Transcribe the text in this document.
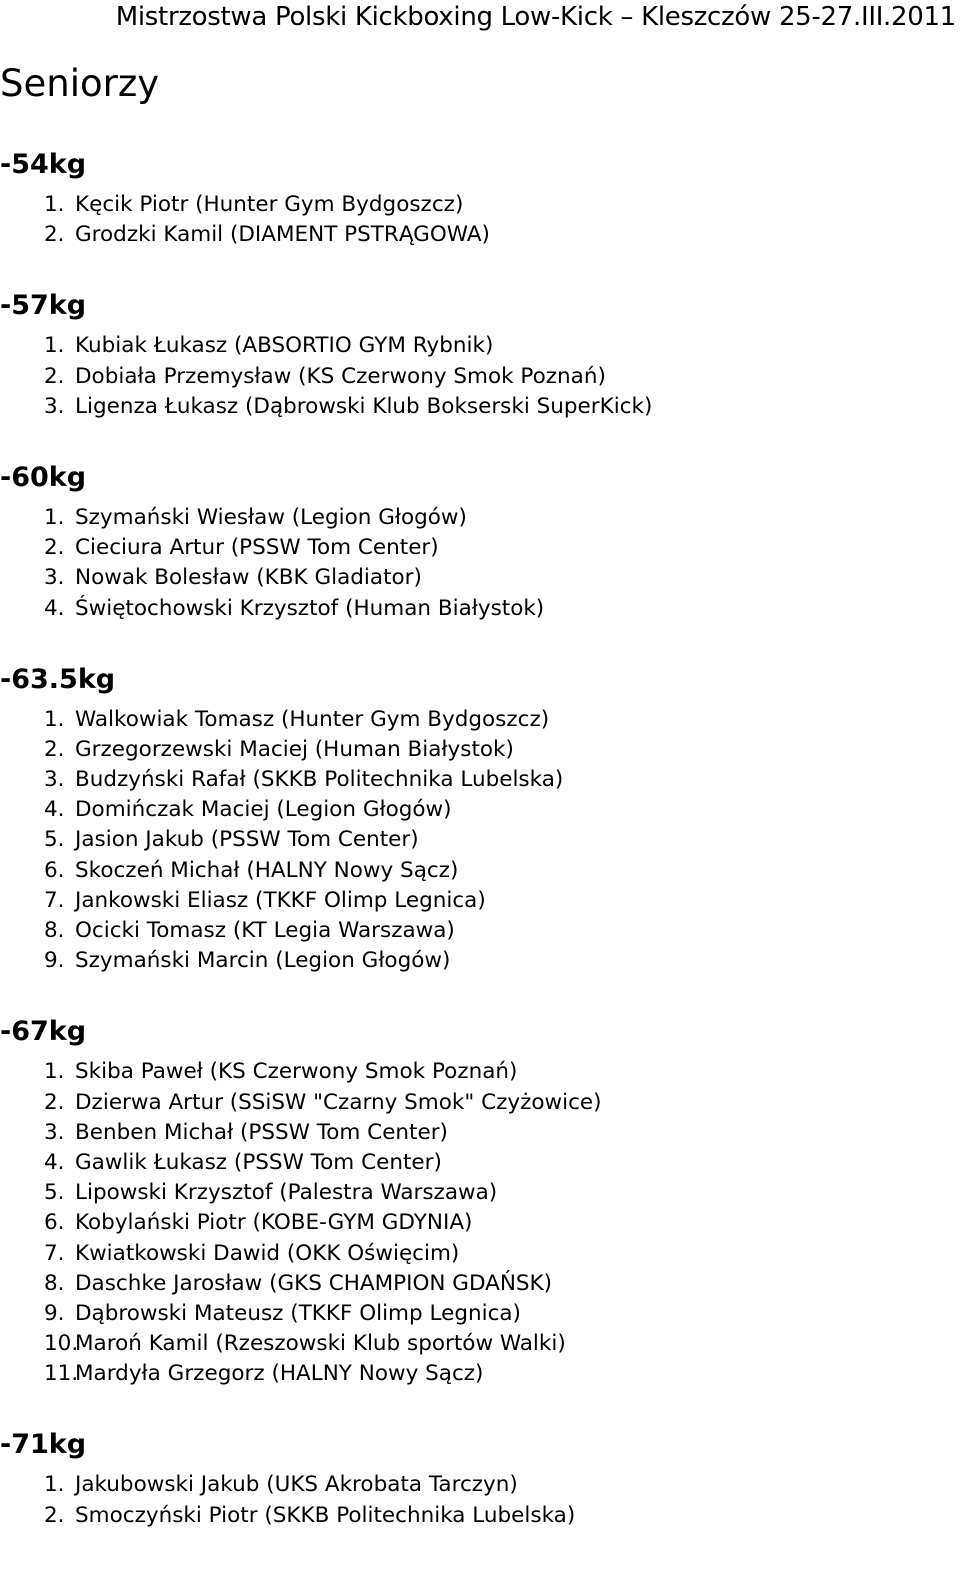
Mistrzostwa Polski Kickboxing Low-Kick – Kleszczów 25-27.III.2011
Seniorzy
-54kg
1. Kęcik Piotr (Hunter Gym Bydgoszcz)
2. Grodzki Kamil (DIAMENT PSTRĄGOWA)
-57kg
1. Kubiak Łukasz (ABSORTIO GYM Rybnik)
2. Dobiała Przemysław (KS Czerwony Smok Poznań)
3. Ligenza Łukasz (Dąbrowski Klub Bokserski SuperKick)
-60kg
1. Szymański Wiesław (Legion Głogów)
2. Cieciura Artur (PSSW Tom Center)
3. Nowak Bolesław (KBK Gladiator)
4. Świętochowski Krzysztof (Human Białystok)
-63.5kg
1. Walkowiak Tomasz (Hunter Gym Bydgoszcz)
2. Grzegorzewski Maciej (Human Białystok)
3. Budzyński Rafał (SKKB Politechnika Lubelska)
4. Domińczak Maciej (Legion Głogów)
5. Jasion Jakub (PSSW Tom Center)
6. Skoczeń Michał (HALNY Nowy Sącz)
7. Jankowski Eliasz (TKKF Olimp Legnica)
8. Ocicki Tomasz (KT Legia Warszawa)
9. Szymański Marcin (Legion Głogów)
-67kg
1. Skiba Paweł (KS Czerwony Smok Poznań)
2. Dzierwa Artur (SSiSW "Czarny Smok" Czyżowice)
3. Benben Michał (PSSW Tom Center)
4. Gawlik Łukasz (PSSW Tom Center)
5. Lipowski Krzysztof (Palestra Warszawa)
6. Kobylański Piotr (KOBE-GYM GDYNIA)
7. Kwiatkowski Dawid (OKK Oświęcim)
8. Daschke Jarosław (GKS CHAMPION GDAŃSK)
9. Dąbrowski Mateusz (TKKF Olimp Legnica)
10.
Maroń Kamil (Rzeszowski Klub sportów Walki)
11.
Mardyła Grzegorz (HALNY Nowy Sącz)
-71kg
1. Jakubowski Jakub (UKS Akrobata Tarczyn)
2. Smoczyński Piotr (SKKB Politechnika Lubelska)
